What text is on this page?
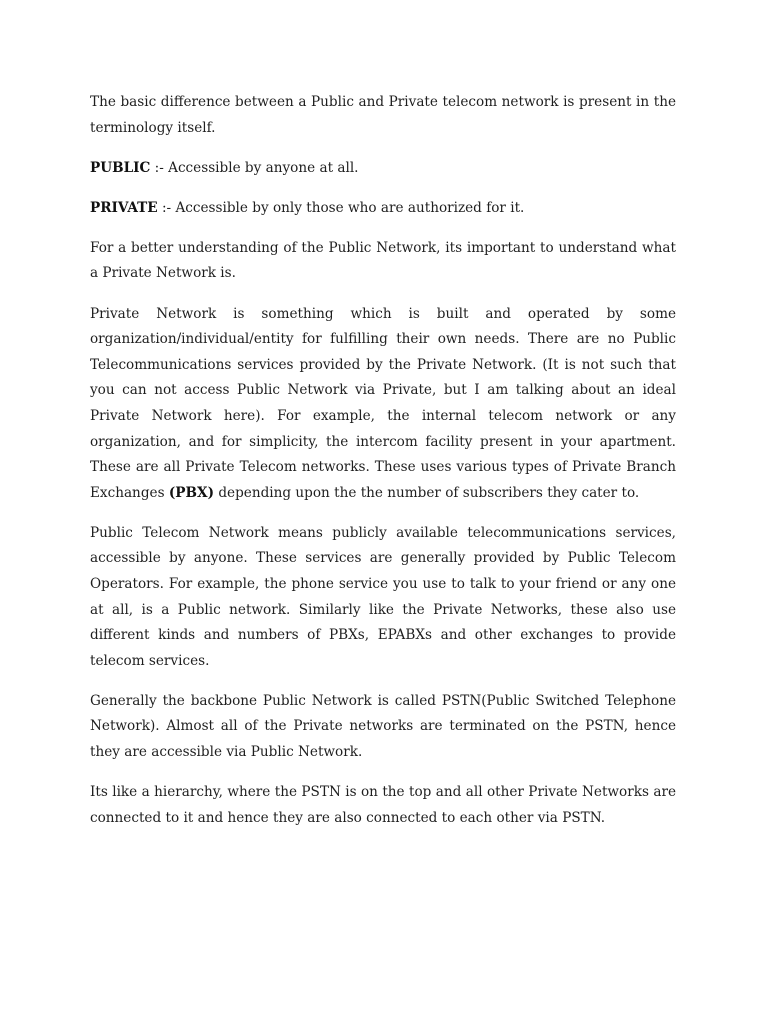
The basic difference between a Public and Private telecom network is present in the terminology itself.

PUBLIC :- Accessible by anyone at all.

PRIVATE :- Accessible by only those who are authorized for it.

For a better understanding of the Public Network, its important to understand what a Private Network is.

Private Network is something which is built and operated by some organization/individual/entity for fulfilling their own needs. There are no Public Telecommunications services provided by the Private Network. (It is not such that you can not access Public Network via Private, but I am talking about an ideal Private Network here). For example, the internal telecom network or any organization, and for simplicity, the intercom facility present in your apartment. These are all Private Telecom networks. These uses various types of Private Branch Exchanges (PBX) depending upon the the number of subscribers they cater to.

Public Telecom Network means publicly available telecommunications services, accessible by anyone. These services are generally provided by Public Telecom Operators. For example, the phone service you use to talk to your friend or any one at all, is a Public network. Similarly like the Private Networks, these also use different kinds and numbers of PBXs, EPABXs and other exchanges to provide telecom services.

Generally the backbone Public Network is called PSTN(Public Switched Telephone Network). Almost all of the Private networks are terminated on the PSTN, hence they are accessible via Public Network.

Its like a hierarchy, where the PSTN is on the top and all other Private Networks are connected to it and hence they are also connected to each other via PSTN.
